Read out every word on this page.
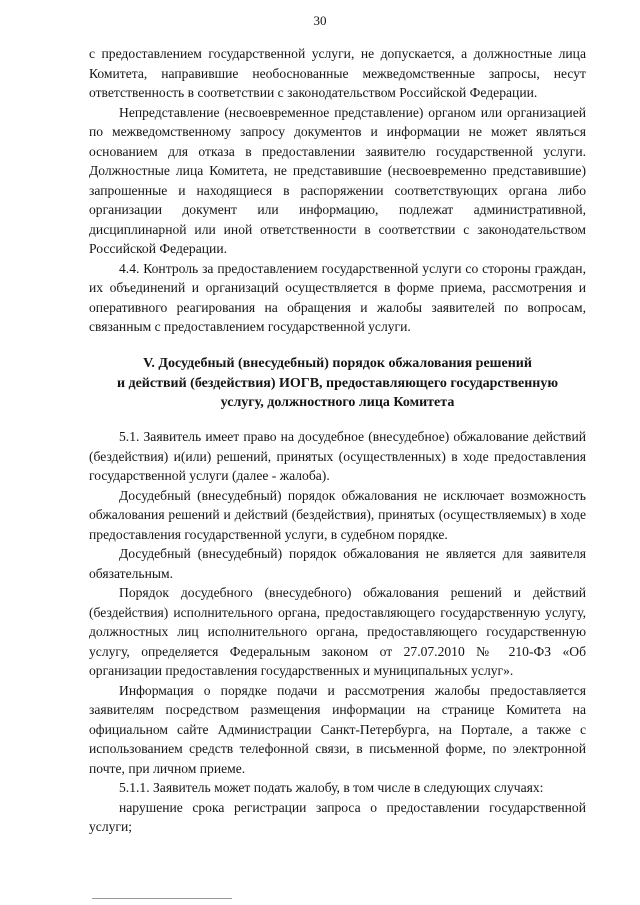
30

с предоставлением государственной услуги, не допускается, а должностные лица Комитета, направившие необоснованные межведомственные запросы, несут ответственность в соответствии с законодательством Российской Федерации.

Непредставление (несвоевременное представление) органом или организацией по межведомственному запросу документов и информации не может являться основанием для отказа в предоставлении заявителю государственной услуги. Должностные лица Комитета, не представившие (несвоевременно представившие) запрошенные и находящиеся в распоряжении соответствующих органа либо организации документ или информацию, подлежат административной, дисциплинарной или иной ответственности в соответствии с законодательством Российской Федерации.

4.4. Контроль за предоставлением государственной услуги со стороны граждан, их объединений и организаций осуществляется в форме приема, рассмотрения и оперативного реагирования на обращения и жалобы заявителей по вопросам, связанным с предоставлением государственной услуги.

V. Досудебный (внесудебный) порядок обжалования решений
и действий (бездействия) ИОГВ, предоставляющего государственную
услугу, должностного лица Комитета

5.1. Заявитель имеет право на досудебное (внесудебное) обжалование действий (бездействия) и(или) решений, принятых (осуществленных) в ходе предоставления государственной услуги (далее - жалоба).

Досудебный (внесудебный) порядок обжалования не исключает возможность обжалования решений и действий (бездействия), принятых (осуществляемых) в ходе предоставления государственной услуги, в судебном порядке.

Досудебный (внесудебный) порядок обжалования не является для заявителя обязательным.

Порядок досудебного (внесудебного) обжалования решений и действий (бездействия) исполнительного органа, предоставляющего государственную услугу, должностных лиц исполнительного органа, предоставляющего государственную услугу, определяется Федеральным законом от 27.07.2010 № 210-ФЗ «Об организации предоставления государственных и муниципальных услуг».

Информация о порядке подачи и рассмотрения жалобы предоставляется заявителям посредством размещения информации на странице Комитета на официальном сайте Администрации Санкт-Петербурга, на Портале, а также с использованием средств телефонной связи, в письменной форме, по электронной почте, при личном приеме.

5.1.1. Заявитель может подать жалобу, в том числе в следующих случаях:

нарушение срока регистрации запроса о предоставлении государственной услуги;
